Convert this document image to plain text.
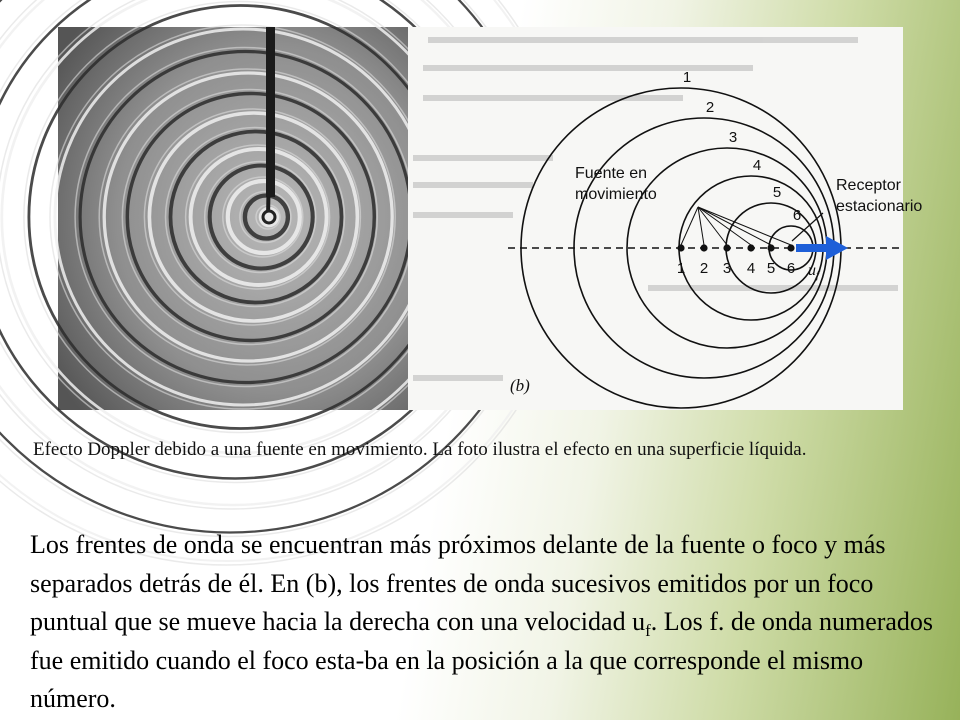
Fuente en
movimiento
Receptor
estacionario
uf
(b)
1
2
3
4
5
6
1 2 3 4 5 6
Efecto Doppler debido a una fuente en movimiento. La foto ilustra el efecto en una superficie líquida.
Los frentes de onda se encuentran más próximos delante de la fuente o foco y más separados detrás de él. En (b), los frentes de onda sucesivos emitidos por un foco puntual que se mueve hacia la derecha con una velocidad $u_f$. Los f. de onda numerados fue emitido cuando el foco esta-ba en la posición a la que corresponde el mismo número.
